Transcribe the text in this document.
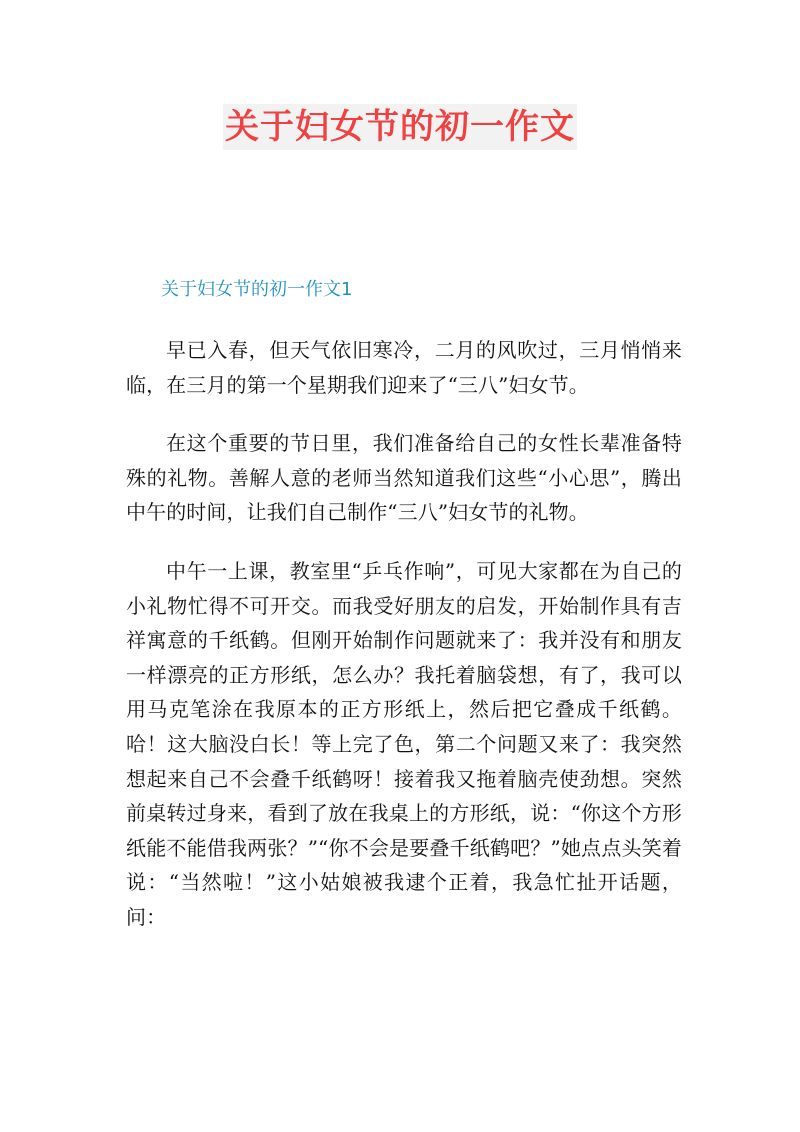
关于妇女节的初一作文
关于妇女节的初一作文1

早已入春，但天气依旧寒冷，二月的风吹过，三月悄悄来临，在三月的第一个星期我们迎来了“三八”妇女节。

在这个重要的节日里，我们准备给自己的女性长辈准备特殊的礼物。善解人意的老师当然知道我们这些“小心思”，腾出中午的时间，让我们自己制作“三八”妇女节的礼物。

中午一上课，教室里“乒乓作响”，可见大家都在为自己的小礼物忙得不可开交。而我受好朋友的启发，开始制作具有吉祥寓意的千纸鹤。但刚开始制作问题就来了：我并没有和朋友一样漂亮的正方形纸，怎么办？我托着脑袋想，有了，我可以用马克笔涂在我原本的正方形纸上，然后把它叠成千纸鹤。哈！这大脑没白长！等上完了色，第二个问题又来了：我突然想起来自己不会叠千纸鹤呀！接着我又拖着脑壳使劲想。突然前桌转过身来，看到了放在我桌上的方形纸，说：“你这个方形纸能不能借我两张？”“你不会是要叠千纸鹤吧？”她点点头笑着说：“当然啦！”这小姑娘被我逮个正着，我急忙扯开话题，问：
